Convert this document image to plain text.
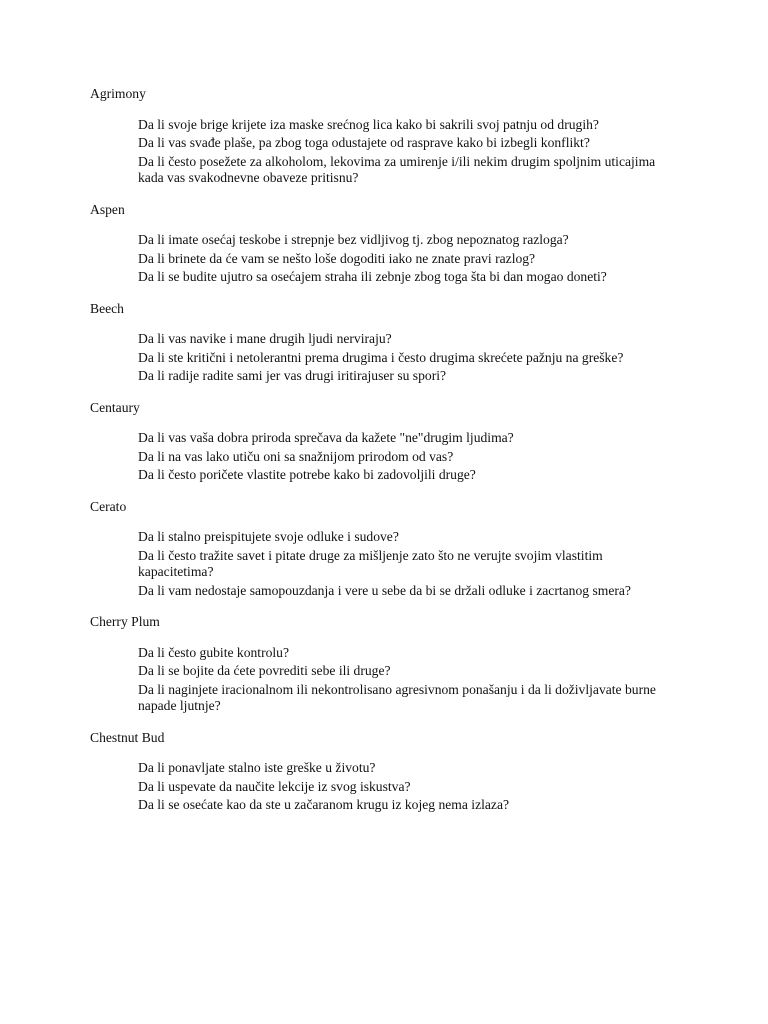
Agrimony
Da li svoje brige krijete iza maske srećnog lica kako bi sakrili svoj patnju od drugih?
Da li vas svađe plaše, pa zbog toga odustajete od rasprave kako bi izbegli konflikt?
Da li često posežete za alkoholom, lekovima za umirenje i/ili nekim drugim spoljnim uticajima kada vas svakodnevne obaveze pritisnu?
Aspen
Da li imate osećaj teskobe i strepnje bez vidljivog tj. zbog nepoznatog razloga?
Da li brinete da će vam se nešto loše dogoditi iako ne znate pravi razlog?
Da li se budite ujutro sa osećajem straha ili zebnje zbog toga šta bi dan mogao doneti?
Beech
Da li vas navike i mane drugih ljudi nerviraju?
Da li ste kritični i netolerantni prema drugima i često drugima skrećete pažnju na greške?
Da li radije radite sami jer vas drugi iritirajuser su spori?
Centaury
Da li vas vaša dobra priroda sprečava da kažete "ne"drugim ljudima?
Da li na vas lako utiču oni sa snažnijom prirodom od vas?
Da li često poričete vlastite potrebe kako bi zadovoljili druge?
Cerato
Da li stalno preispitujete svoje odluke i sudove?
Da li često tražite savet i pitate druge za mišljenje zato što ne verujte svojim vlastitim kapacitetima?
Da li vam nedostaje samopouzdanja i vere u sebe da bi se držali odluke i zacrtanog smera?
Cherry Plum
Da li često gubite kontrolu?
Da li se bojite da ćete povrediti sebe ili druge?
Da li naginjete iracionalnom ili nekontrolisano agresivnom ponašanju i da li doživljavate burne napade ljutnje?
Chestnut Bud
Da li ponavljate stalno iste greške u životu?
Da li uspevate da naučite lekcije iz svog iskustva?
Da li se osećate kao da ste u začaranom krugu iz kojeg nema izlaza?
